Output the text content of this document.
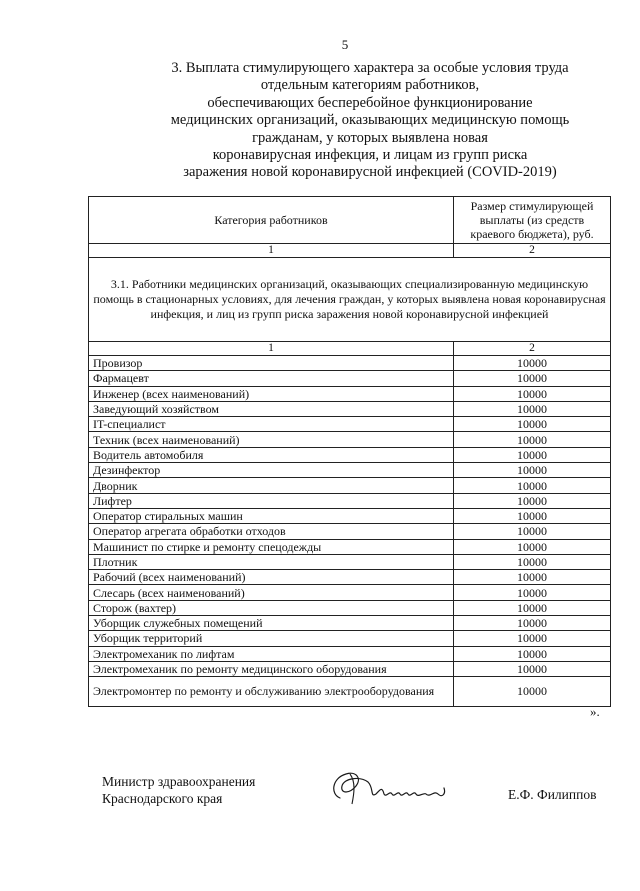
5
3. Выплата стимулирующего характера за особые условия труда
отдельным категориям работников,
обеспечивающих бесперебойное функционирование
медицинских организаций, оказывающих медицинскую помощь
гражданам, у которых выявлена новая
коронавирусная инфекция, и лицам из групп риска
заражения новой коронавирусной инфекцией (COVID-2019)
Категория работников	Размер стимулирующей выплаты (из средств краевого бюджета), руб.
1	2
3.1. Работники медицинских организаций, оказывающих специализированную медицинскую помощь в стационарных условиях, для лечения граждан, у которых выявлена новая коронавирусная инфекция, и лиц из групп риска заражения новой коронавирусной инфекцией	
1	2
Провизор	10000
Фармацевт	10000
Инженер (всех наименований)	10000
Заведующий хозяйством	10000
IT-специалист	10000
Техник (всех наименований)	10000
Водитель автомобиля	10000
Дезинфектор	10000
Дворник	10000
Лифтер	10000
Оператор стиральных машин	10000
Оператор агрегата обработки отходов	10000
Машинист по стирке и ремонту спецодежды	10000
Плотник	10000
Рабочий (всех наименований)	10000
Слесарь (всех наименований)	10000
Сторож (вахтер)	10000
Уборщик служебных помещений	10000
Уборщик территорий	10000
Электромеханик по лифтам	10000
Электромеханик по ремонту медицинского оборудования	10000
Электромонтер по ремонту и обслуживанию электрооборудования	10000
».
Министр здравоохранения
Краснодарского края	Е.Ф. Филиппов
